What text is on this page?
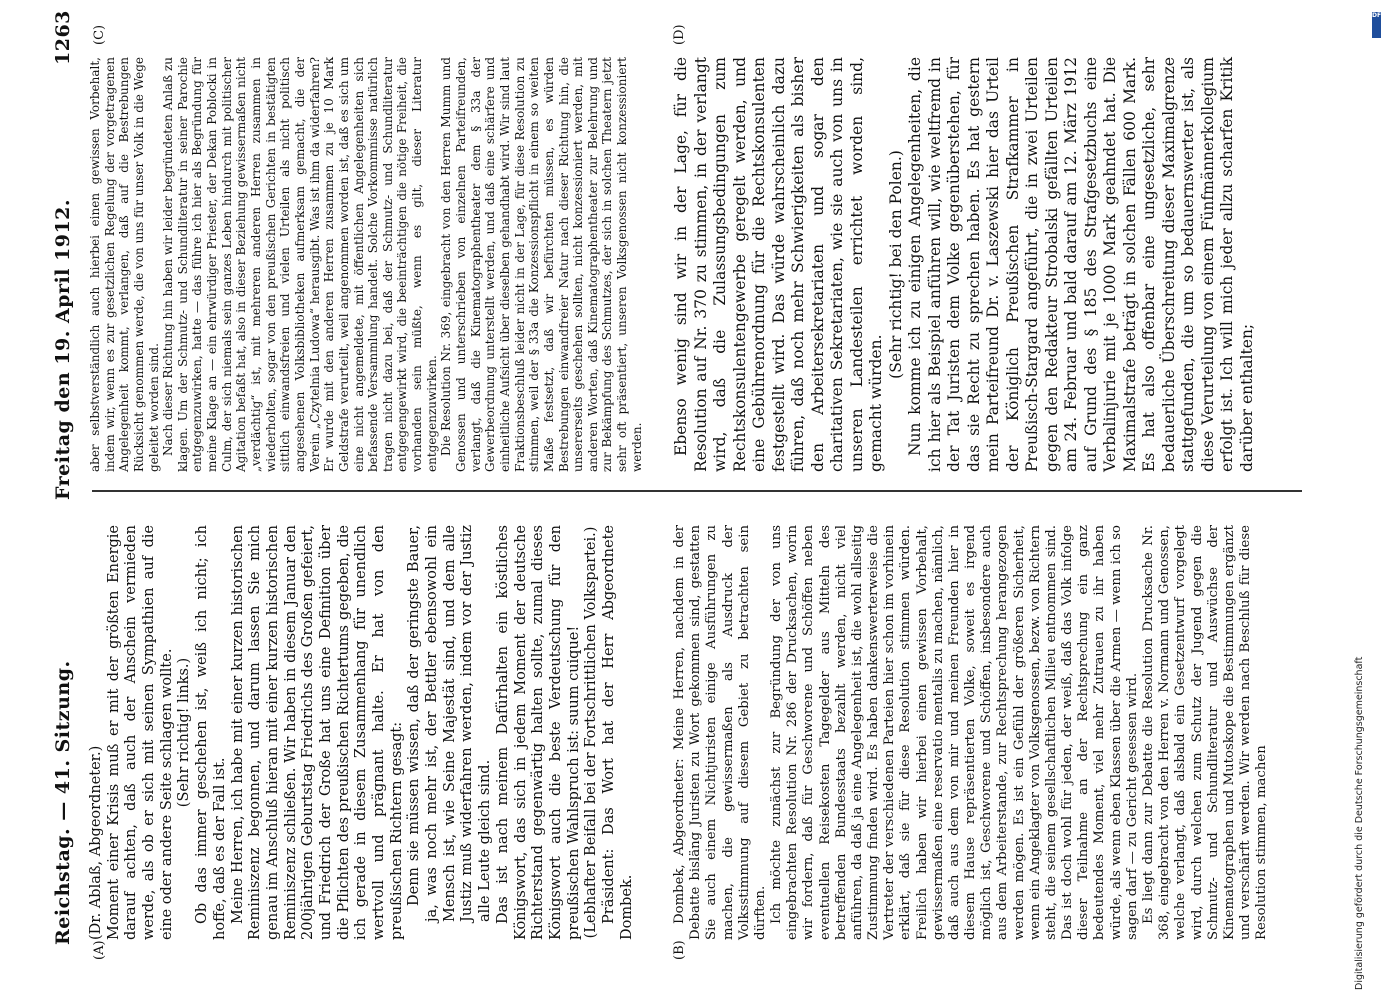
Reichstag. — 41. Sitzung.
Freitag den 19. April 1912.
1263
(A)	(B)
(C)	(D)

(Dr. Ablaß, Abgeordneter.) Moment einer Krisis muß er mit der größten Energie darauf achten, daß auch der Anschein vermieden werde, als ob er sich mit seinen Sympathien auf die eine oder andere Seite schlagen wollte. (Sehr richtig! links.) Ob das immer geschehen ist, weiß ich nicht; ich hoffe, daß es der Fall ist. Meine Herren, ich habe mit einer kurzen historischen Reminiszenz begonnen, und darum lassen Sie mich genau im Anschluß hieran mit einer kurzen historischen Reminiszenz schließen. Wir haben in diesem Januar den 200jährigen Geburtstag Friedrichs des Großen gefeiert, und Friedrich der Große hat uns eine Definition über die Pflichten des preußischen Richtertums gegeben, die ich gerade in diesem Zusammenhang für unendlich wertvoll und prägnant halte. Er hat von den preußischen Richtern gesagt: Denn sie müssen wissen, daß der geringste Bauer, ja, was noch mehr ist, der Bettler ebensowohl ein Mensch ist, wie Seine Majestät sind, und dem alle Justiz muß widerfahren werden, indem vor der Justiz alle Leute gleich sind. Das ist nach meinem Dafürhalten ein köstliches Königswort, das sich in jedem Moment der deutsche Richterstand gegenwärtig halten sollte, zumal dieses Königswort auch die beste Verdeutschung für den preußischen Wahlspruch ist: suum cuique! (Lebhafter Beifall bei der Fortschrittlichen Volkspartei.) Präsident: Das Wort hat der Herr Abgeordnete Dombek.	Dombek, Abgeordneter: Meine Herren, nachdem in der Debatte bisläng Juristen zu Wort gekommen sind, gestatten Sie auch einem Nichtjuristen einige Ausführungen zu machen, die gewissermaßen als Ausdruck der Volksstimmung auf diesem Gebiet zu betrachten sein dürften. Ich möchte zunächst zur Begründung der von uns eingebrachten Resolution Nr. 286 der Drucksachen, worin wir fordern, daß für Geschworene und Schöffen neben eventuellen Reisekosten Tagegelder aus Mitteln des betreffenden Bundesstaats bezahlt werden, nicht viel anführen, da daß ja eine Angelegenheit ist, die wohl allseitig Zustimmung finden wird. Es haben dankenswerterweise die Vertreter der verschiedenen Parteien hier schon im vorhinein erklärt, daß sie für diese Resolution stimmen würden. Freilich haben wir hierbei einen gewissen Vorbehalt, gewissermaßen eine reservatio mentalis zu machen, nämlich, daß auch aus dem von mir und meinen Freunden hier in diesem Hause repräsentierten Volke, soweit es irgend möglich ist, Geschworene und Schöffen, insbesondere auch aus dem Arbeiterstande, zur Rechtsprechung herangezogen werden mögen. Es ist ein Gefühl der größeren Sicherheit, wenn ein Angeklagter von Volksgenossen, bezw. von Richtern steht, die seinem gesellschaftlichen Milieu entnommen sind. Das ist doch wohl für jeden, der weiß, daß das Volk infolge dieser Teilnahme an der Rechtsprechung ein ganz bedeutendes Moment, viel mehr Zutrauen zu ihr haben würde, als wenn eben Klassen über die Armen — wenn ich so sagen darf — zu Gericht gesessen wird. Es liegt dann zur Debatte die Resolution Drucksache Nr. 368, eingebracht von den Herren v. Normann und Genossen, welche verlangt, daß alsbald ein Gesetzentwurf vorgelegt wird, durch welchen zum Schutz der Jugend gegen die Schmutz- und Schundliteratur und Auswüchse der Kinematographen und Mutoskope die Bestimmungen ergänzt und verschärft werden. Wir werden nach Beschluß für diese Resolution stimmen, machen

aber selbstverständlich auch hierbei einen gewissen Vorbehalt, indem wir, wenn es zur gesetzlichen Regelung der vorgetragenen Angelegenheit kommt, verlangen, daß auf die Bestrebungen Rücksicht genommen werde, die von uns für unser Volk in die Wege geleitet worden sind. Nach dieser Richtung hin haben wir leider begründeten Anlaß zu klagen. Um der Schmutz- und Schundliteratur in seiner Parochie entgegenzuwirken, hatte — das führe ich hier als Begründung für meine Klage an — ein ehrwürdiger Priester, der Dekan Poblocki in Culm, der sich niemals sein ganzes Leben hindurch mit politischer Agitation befaßt hat, also in dieser Beziehung gewissermaßen nicht „verdächtig“ ist, mit mehreren anderen Herren zusammen in wiederholten, sogar von den preußischen Gerichten in bestätigten sittlich einwandsfreien und vielen Urteilen als nicht politisch angesehenen Volksbibliotheken aufmerksam gemacht, die der Verein „Czytelnia Ludowa“ herausgibt. Was ist ihm da widerfahren? Er wurde mit den anderen Herren zusammen zu je 10 Mark Geldstrafe verurteilt, weil angenommen worden ist, daß es sich um eine nicht angemeldete, mit öffentlichen Angelegenheiten sich befassende Versammlung handelt. Solche Vorkommnisse natürlich tragen nicht dazu bei, daß der Schmutz- und Schundliteratur entgegengewirkt wird, die beeinträchtigen die nötige Freiheit, die vorhanden sein müßte, wenn es gilt, dieser Literatur entgegenzuwirken. Die Resolution Nr. 369, eingebracht von den Herren Mumm und Genossen und unterschrieben von einzelnen Parteifreunden, verlangt, daß die Kinematographentheater dem § 33a der Gewerbeordnung unterstellt werden, und daß eine schärfere und einheitliche Aufsicht über dieselben gehandhabt wird. Wir sind laut Fraktionsbeschluß leider nicht in der Lage, für diese Resolution zu stimmen, weil der § 33a die Konzessionspflicht in einem so weiten Maße festsetzt, daß wir befürchten müssen, es würden Bestrebungen einwandfreier Natur nach dieser Richtung hin, die unsererseits geschehen sollten, nicht konzessioniert werden, mit anderen Worten, daß Kinematographentheater zur Belehrung und zur Bekämpfung des Schmutzes, der sich in solchen Theatern jetzt sehr oft präsentiert, unseren Volksgenossen nicht konzessioniert werden. Ebenso wenig sind wir in der Lage, für die Resolution auf Nr. 370 zu stimmen, in der verlangt wird, daß die Zulassungsbedingungen zum Rechtskonsulentengewerbe geregelt werden, und eine Gebührenordnung für die Rechtskonsulenten festgestellt wird. Das würde wahrscheinlich dazu führen, daß noch mehr Schwierigkeiten als bisher den Arbeitersekretariaten und sogar den charitativen Sekretariaten, wie sie auch von uns in unseren Landesteilen errichtet worden sind, gemacht würden.

(Sehr richtig! bei den Polen.) Nun komme ich zu einigen Angelegenheiten, die ich hier als Beispiel anführen will, wie weltfremd in der Tat Juristen dem Volke gegenüberstehen, für das sie Recht zu sprechen haben. Es hat gestern mein Parteifreund Dr. v. Laszewski hier das Urteil der Königlich Preußischen Strafkammer in Preußisch-Stargard angeführt, die in zwei Urteilen gegen den Redakteur Strobalski gefällten Urteilen am 24. Februar und bald darauf am 12. März 1912 auf Grund des § 185 des Strafgesetzbuchs eine Verbalinjurie mit je 1000 Mark geahndet hat. Die Maximalstrafe beträgt in solchen Fällen 600 Mark. Es hat also offenbar eine ungesetzliche, sehr bedauerliche Überschreitung dieser Maximalgrenze stattgefunden, die um so bedauernswerter ist, als diese Verurteilung von einem Fünfmännerkollegium erfolgt ist. Ich will mich jeder allzu scharfen Kritik darüber enthalten;

DFG
Digitalisierung gefördert durch die Deutsche Forschungsgemeinschaft
